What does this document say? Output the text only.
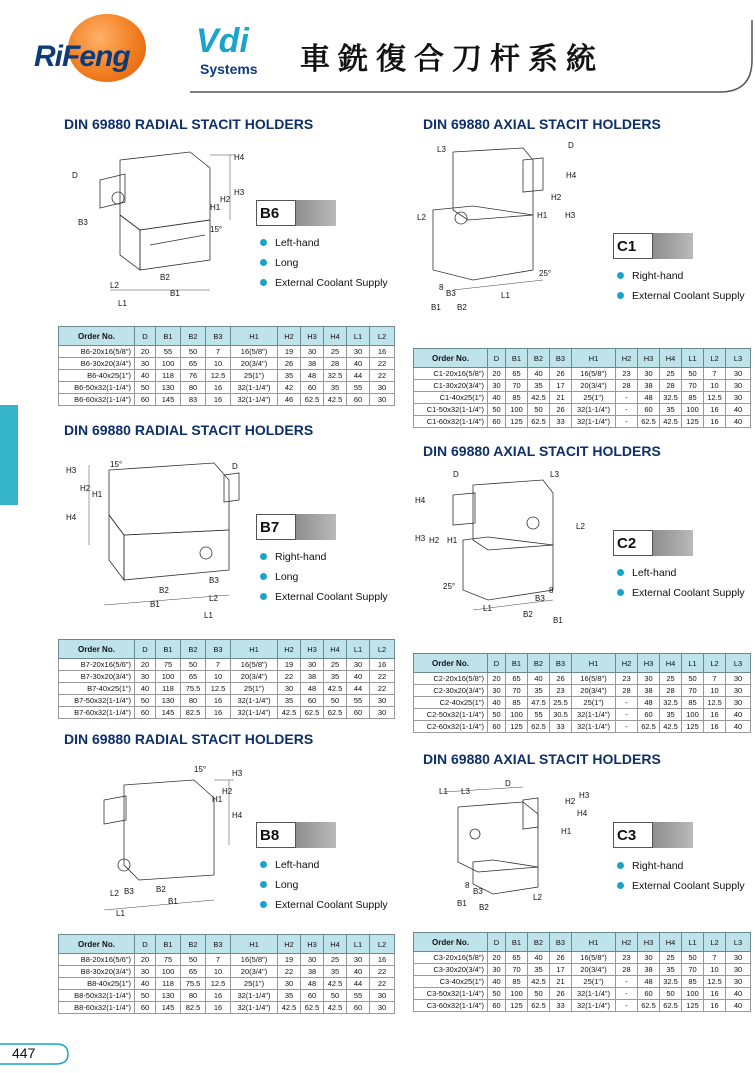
RiFeng Vdi
Systems 車銑復合刀杆系統
DIN 69880 RADIAL STACIT HOLDERS
D
B3
L2
L1
B2
B1
H4
H3
H2
H1
15°
B6
Left-hand
Long
External Coolant Supply
Order No.	D	B1	B2	B3	H1	H2	H3	H4	L1	L2
B6-20x16(5/8")	20	55	50	7	16(5/8")	19	30	25	30	16
B6-30x20(3/4")	30	100	65	10	20(3/4")	26	38	28	40	22
B6-40x25(1")	40	118	76	12.5	25(1")	35	48	32.5	44	22
B6-50x32(1-1/4")	50	130	80	16	32(1-1/4")	42	60	35	55	30
B6-60x32(1-1/4")	60	145	83	16	32(1-1/4")	46	62.5	42.5	60	30
DIN 69880 RADIAL STACIT HOLDERS
H3
H4
H2
H1
15°	D
B2
B3
B1
L2
L1
B7
Right-hand
Long
External Coolant Supply
Order No.	D	B1	B2	B3	H1	H2	H3	H4	L1	L2
B7-20x16(5/6")	20	75	50	7	16(5/8")	19	30	25	30	16
B7-30x20(3/4")	30	100	65	10	20(3/4")	22	38	35	40	22
B7-40x25(1")	40	118	75.5	12.5	25(1")	30	48	42.5	44	22
B7-50x32(1-1/4")	50	130	80	16	32(1-1/4")	35	60	50	55	30
B7-60x32(1-1/4")	60	145	82.5	16	32(1-1/4")	42.5	62.5	62.5	60	30
DIN 69880 RADIAL STACIT HOLDERS
15°	H3
H2
H1
H4
L2 B3
L1
B2
B1
B8
Left-hand
Long
External Coolant Supply
Order No.	D	B1	B2	B3	H1	H2	H3	H4	L1	L2
B8-20x16(5/6")	20	75	50	7	16(5/8")	19	30	25	30	16
B8-30x20(3/4")	30	100	65	10	20(3/4")	22	38	35	40	22
B8-40x25(1")	40	118	75.5	12.5	25(1")	30	48	42.5	44	22
B8-50x32(1-1/4")	50	130	80	16	32(1-1/4")	35	60	50	55	30
B8-60x32(1-1/4")	60	145	82.5	16	32(1-1/4")	42.5	62.5	42.5	60	30
DIN 69880 AXIAL STACIT HOLDERS
L3	D
H4
H2
H1 H3
L2
25°
8
B3	L1
B1 B2
C1
Right-hand
External Coolant Supply
Order No.	D	B1	B2	B3	H1	H2	H3	H4	L1	L2	L3
C1-20x16(5/8")	20	65	40	26	16(5/8")	23	30	25	50	7	30
C1-30x20(3/4")	30	70	35	17	20(3/4")	28	38	28	70	10	30
C1-40x25(1")	40	85	42.5	21	25(1")	-	48	32.5	85	12.5	30
C1-50x32(1-1/4")	50	100	50	26	32(1-1/4")	-	60	35	100	16	40
C1-60x32(1-1/4")	60	125	62.5	33	32(1-1/4")	-	62.5	42.5	125	16	40
DIN 69880 AXIAL STACIT HOLDERS
D	L3
H4
H2 H1
H3
L2
25°
L1
B3
8
B2
B1
C2
Left-hand
External Coolant Supply
Order No.	D	B1	B2	B3	H1	H2	H3	H4	L1	L2	L3
C2-20x16(5/8")	20	65	40	26	16(5/8")	23	30	25	50	7	30
C2-30x20(3/4")	30	70	35	23	20(3/4")	28	38	28	70	10	30
C2-40x25(1")	40	85	47.5	25.5	25(1")	-	48	32.5	85	12.5	30
C2-50x32(1-1/4")	50	100	55	30.5	32(1-1/4")	-	60	35	100	16	40
C2-60x32(1-1/4")	60	125	62.5	33	32(1-1/4")	-	62.5	42.5	125	16	40
DIN 69880 AXIAL STACIT HOLDERS
D
L1 L3	H3
H2
H4
H1
L2
8
B3
B1 B2
C3
Right-hand
External Coolant Supply
Order No.	D	B1	B2	B3	H1	H2	H3	H4	L1	L2	L3
C3-20x16(5/8")	20	65	40	26	16(5/8")	23	30	25	50	7	30
C3-30x20(3/4")	30	70	35	17	20(3/4")	28	38	35	70	10	30
C3-40x25(1")	40	85	42.5	21	25(1")	-	48	32.5	85	12.5	30
C3-50x32(1-1/4")	50	100	50	26	32(1-1/4")	-	60	50	100	16	40
C3-60x32(1-1/4")	60	125	62.5	33	32(1-1/4")	-	62.5	62.5	125	16	40
447
